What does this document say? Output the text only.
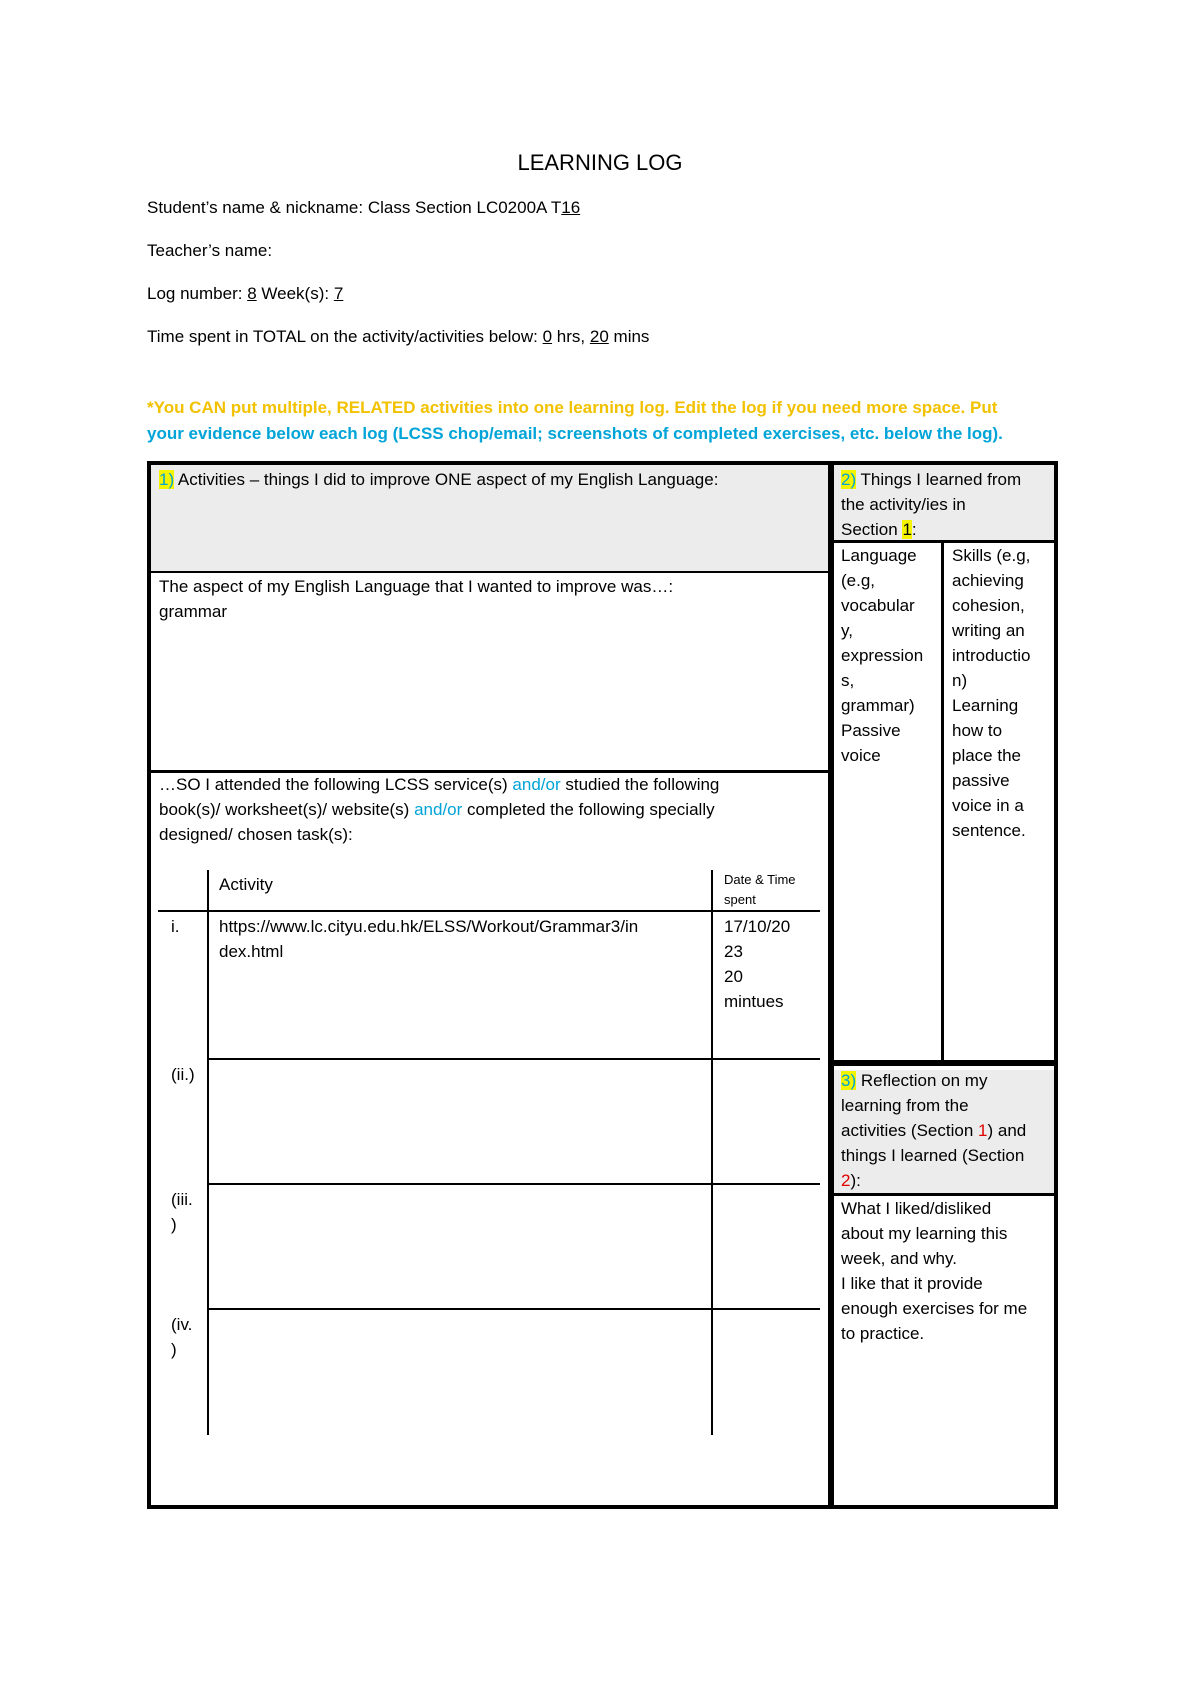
LEARNING LOG
Student’s name & nickname: Class Section LC0200A T16
Teacher’s name:
Log number: 8 Week(s): 7
Time spent in TOTAL on the activity/activities below: 0 hrs, 20 mins
*You CAN put multiple, RELATED activities into one learning log. Edit the log if you need more space. Put
your evidence below each log (LCSS chop/email; screenshots of completed exercises, etc. below the log).
1) Activities – things I did to improve ONE aspect of my English Language:
The aspect of my English Language that I wanted to improve was…:
grammar
…SO I attended the following LCSS service(s) and/or studied the following
book(s)/ worksheet(s)/ website(s) and/or completed the following specially
designed/ chosen task(s):
Activity	Date & Time
spent
i. https://www.lc.cityu.edu.hk/ELSS/Workout/Grammar3/in
dex.html
17/10/20
23
20
mintues
(ii.)
(iii.
)
(iv.
)
2) Things I learned from
the activity/ies in
Section 1:
Language
(e.g,
vocabular
y,
expression
s,
grammar)
Passive
voice
Skills (e.g,
achieving
cohesion,
writing an
introductio
n)
Learning
how to
place the
passive
voice in a
sentence.
3) Reflection on my
learning from the
activities (Section 1) and
things I learned (Section
2):
What I liked/disliked
about my learning this
week, and why.
I like that it provide
enough exercises for me
to practice.
